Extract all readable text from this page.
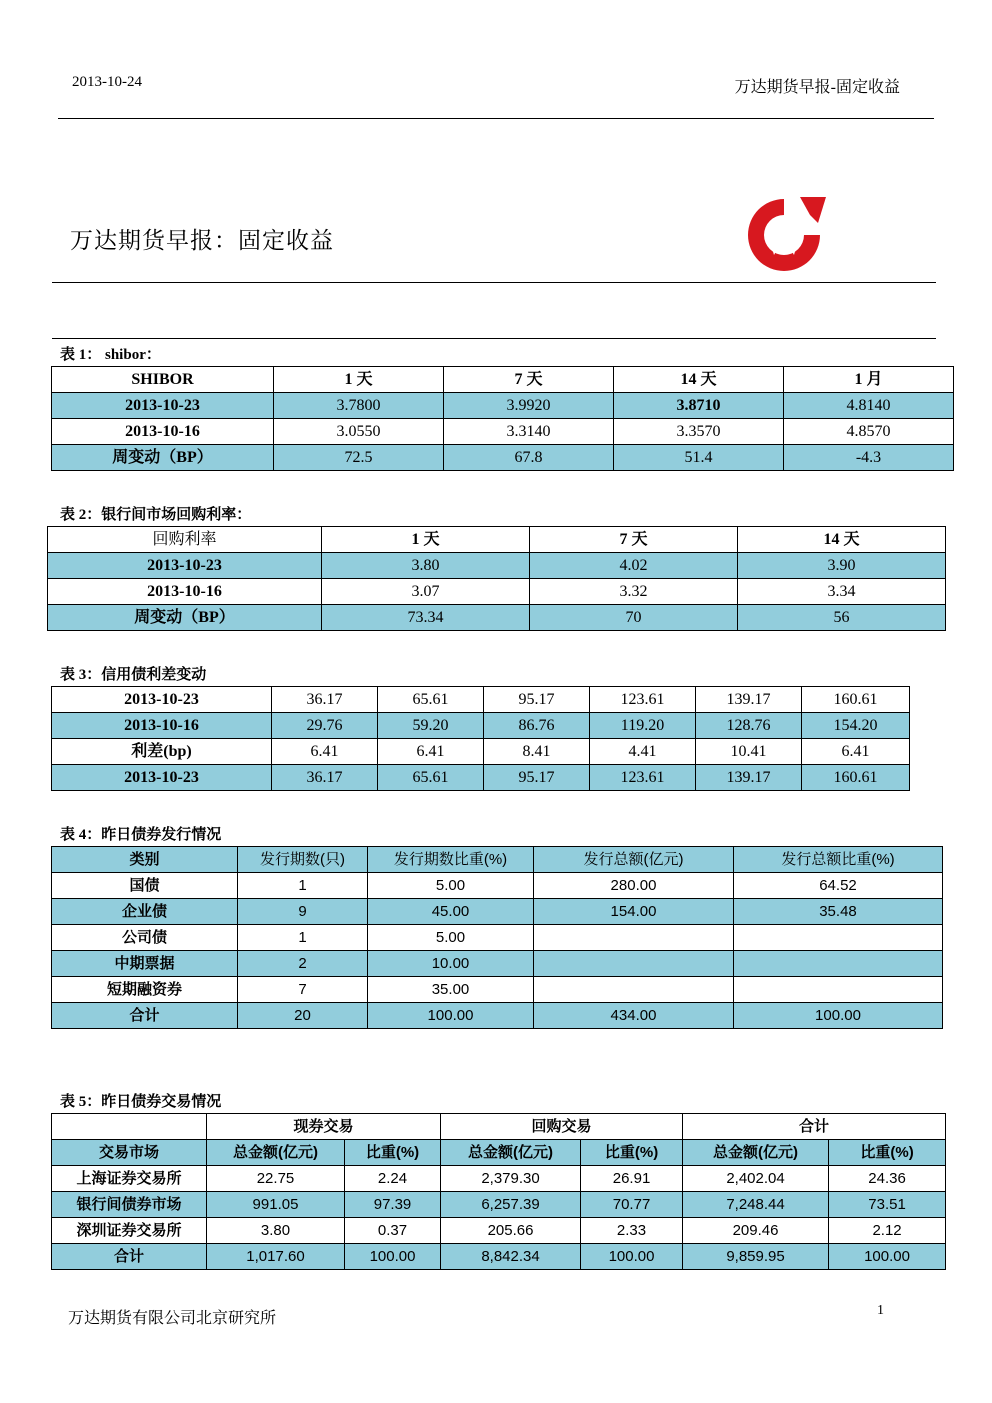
2013-10-24	万达期货早报-固定收益
万达期货早报：固定收益
表 1： shibor：
SHIBOR	1 天	7 天	14 天	1 月
2013-10-23	3.7800	3.9920	3.8710	4.8140
2013-10-16	3.0550	3.3140	3.3570	4.8570
周变动（BP）	72.5	67.8	51.4	-4.3
表 2：银行间市场回购利率：
回购利率	1 天	7 天	14 天
2013-10-23	3.80	4.02	3.90
2013-10-16	3.07	3.32	3.34
周变动（BP）	73.34	70	56
表 3：信用债利差变动
2013-10-23	36.17	65.61	95.17	123.61	139.17	160.61
2013-10-16	29.76	59.20	86.76	119.20	128.76	154.20
利差(bp)	6.41	6.41	8.41	4.41	10.41	6.41
2013-10-23	36.17	65.61	95.17	123.61	139.17	160.61
表 4：昨日债券发行情况
类别	发行期数(只)	发行期数比重(%)	发行总额(亿元)	发行总额比重(%)
国债	1	5.00	280.00	64.52
企业债	9	45.00	154.00	35.48
公司债	1	5.00		
中期票据	2	10.00		
短期融资券	7	35.00		
合计	20	100.00	434.00	100.00
表 5：昨日债券交易情况
	现券交易		回购交易		合计	
交易市场	总金额(亿元)	比重(%)	总金额(亿元)	比重(%)	总金额(亿元)	比重(%)
上海证券交易所	22.75	2.24	2,379.30	26.91	2,402.04	24.36
银行间债券市场	991.05	97.39	6,257.39	70.77	7,248.44	73.51
深圳证券交易所	3.80	0.37	205.66	2.33	209.46	2.12
合计	1,017.60	100.00	8,842.34	100.00	9,859.95	100.00
万达期货有限公司北京研究所	1
